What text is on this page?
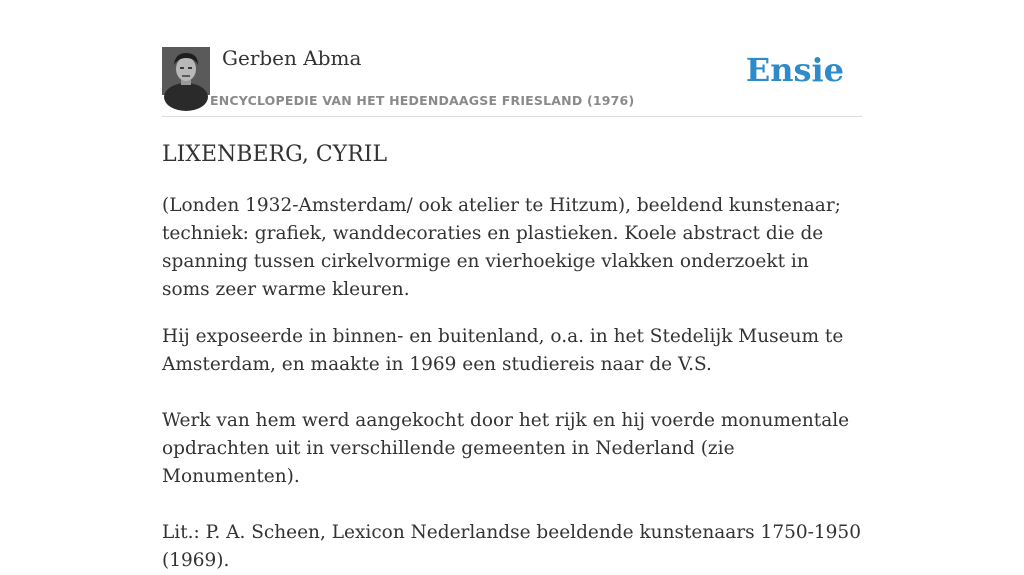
Gerben Abma
ENCYCLOPEDIE VAN HET HEDENDAAGSE FRIESLAND (1976)
Ensie
LIXENBERG, CYRIL

(Londen 1932-Amsterdam/ ook atelier te Hitzum), beeldend kunstenaar; techniek: grafiek, wanddecoraties en plastieken. Koele abstract die de spanning tussen cirkelvormige en vierhoekige vlakken onderzoekt in soms zeer warme kleuren.

Hij exposeerde in binnen- en buitenland, o.a. in het Stedelijk Museum te Amsterdam, en maakte in 1969 een studiereis naar de V.S.

Werk van hem werd aangekocht door het rijk en hij voerde monumentale opdrachten uit in verschillende gemeenten in Nederland (zie Monumenten).

Lit.: P. A. Scheen, Lexicon Nederlandse beeldende kunstenaars 1750-1950 (1969).
